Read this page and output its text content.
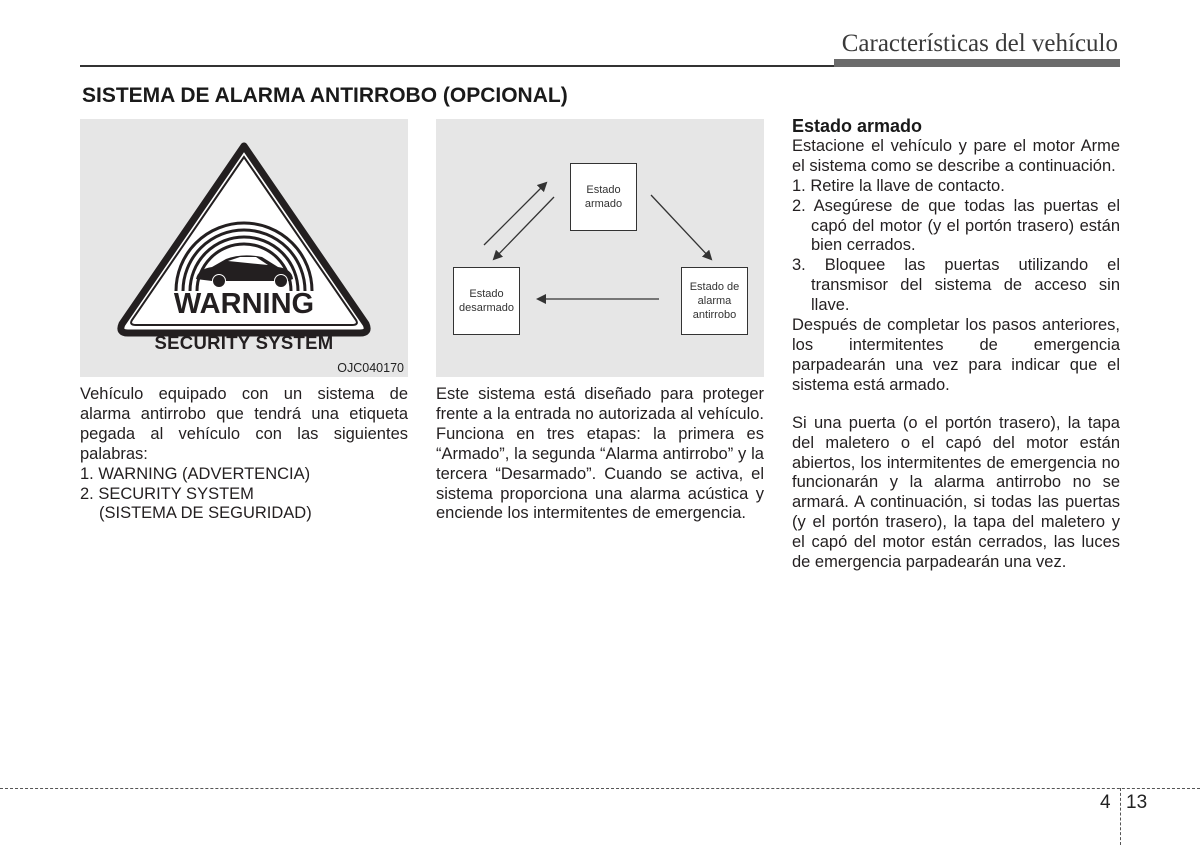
Características del vehículo
SISTEMA DE ALARMA ANTIRROBO (OPCIONAL)
WARNING
SECURITY SYSTEM
OJC040170
Estado
armado
Estado
desarmado
Estado de
alarma
antirrobo

Vehículo equipado con un sistema de alarma antirrobo que tendrá una etiqueta pegada al vehículo con las siguientes palabras:

1. WARNING (ADVERTENCIA)

2. SECURITY SYSTEM

(SISTEMA DE SEGURIDAD)

Este sistema está diseñado para proteger frente a la entrada no autorizada al vehículo. Funciona en tres etapas: la primera es “Armado”, la segunda “Alarma antirrobo” y la tercera “Desarmado”. Cuando se activa, el sistema proporciona una alarma acústica y enciende los intermitentes de emergencia.

Estado armado

Estacione el vehículo y pare el motor Arme el sistema como se describe a continuación.

1. Retire la llave de contacto.

2. Asegúrese de que todas las puertas el capó del motor (y el portón trasero) están bien cerrados.

3. Bloquee las puertas utilizando el transmisor del sistema de acceso sin llave.

Después de completar los pasos anteriores, los intermitentes de emergencia parpadearán una vez para indicar que el sistema está armado.

Si una puerta (o el portón trasero), la tapa del maletero o el capó del motor están abiertos, los intermitentes de emergencia no funcionarán y la alarma antirrobo no se armará. A continuación, si todas las puertas (y el portón trasero), la tapa del maletero y el capó del motor están cerrados, las luces de emergencia parpadearán una vez.

4 13
